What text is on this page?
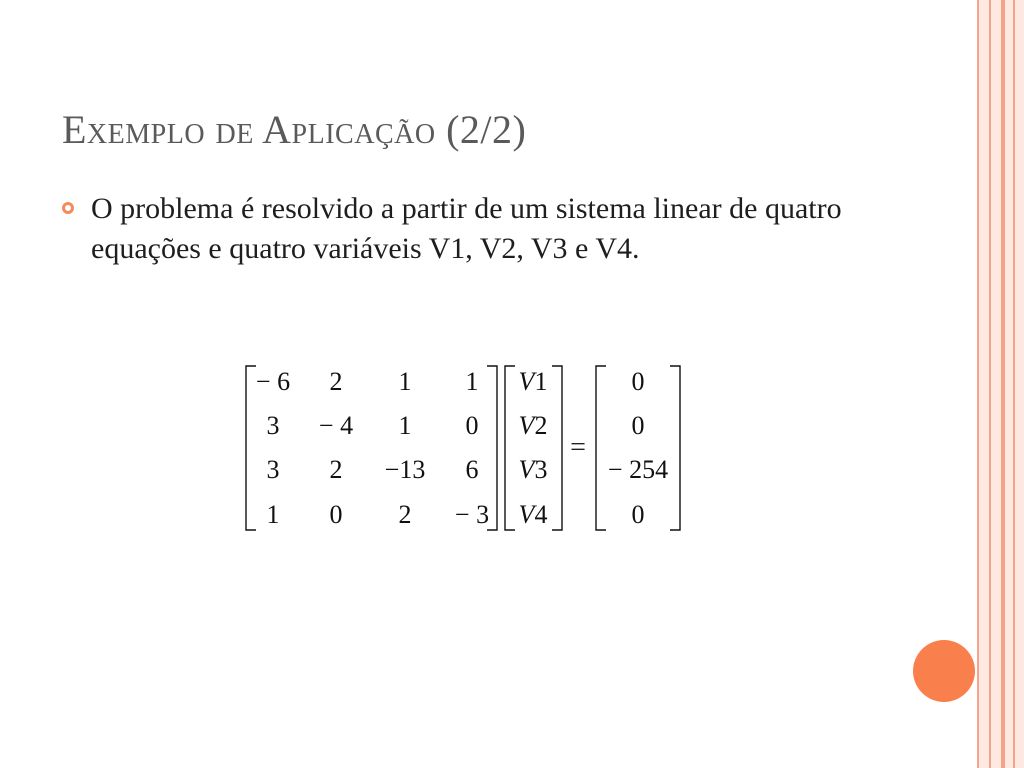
Exemplo de Aplicação (2/2)
O problema é resolvido a partir de um sistema linear de quatro equações e quatro variáveis V1, V2, V3 e V4.
− 6 2 1 1
3 − 4 1 0
3 2 −13 6
1 0 2 − 3
V1
V2
V3
V4
0
0
− 254
0
=
